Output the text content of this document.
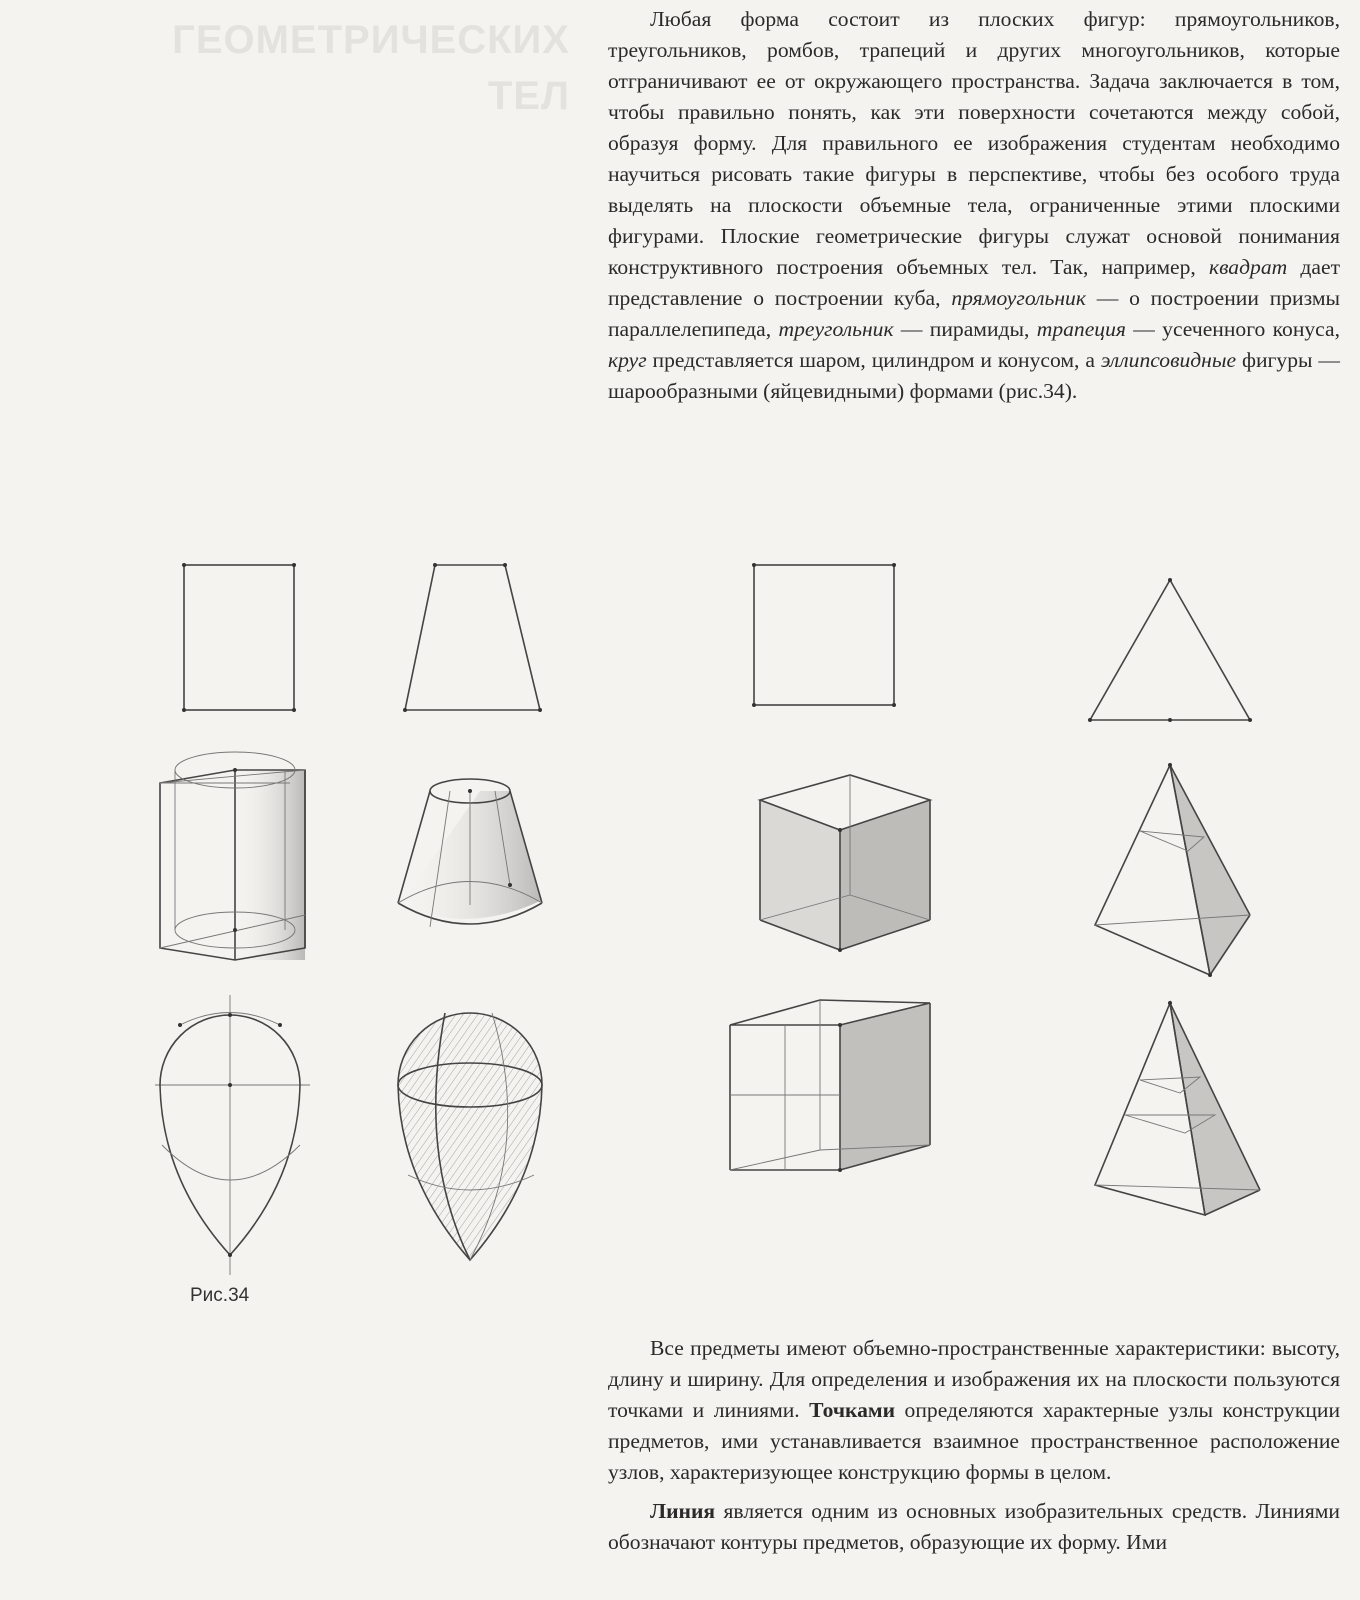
ГЕОМЕТРИЧЕСКИХ
ТЕЛ

Любая форма состоит из плоских фигур: прямоугольников, треугольников, ромбов, трапеций и других многоугольников, которые отграничивают ее от окружающего пространства. Задача заключается в том, чтобы правильно понять, как эти поверхности сочетаются между собой, образуя форму. Для правильного ее изображения студентам необходимо научиться рисовать такие фигуры в перспективе, чтобы без особого труда выделять на плоскости объемные тела, ограниченные этими плоскими фигурами. Плоские геометрические фигуры служат основой понимания конструктивного построения объемных тел. Так, например, квадрат дает представление о построении куба, прямоугольник — о построении призмы параллелепипеда, треугольник — пирамиды, трапеция — усеченного конуса, круг представляется шаром, цилиндром и конусом, а эллипсовидные фигуры — шарообразными (яйцевидными) формами (рис.34).

Рис.34

Все предметы имеют объемно-пространственные характеристики: высоту, длину и ширину. Для определения и изображения их на плоскости пользуются точками и линиями. Точками определяются характерные узлы конструкции предметов, ими устанавливается взаимное пространственное расположение узлов, характеризующее конструкцию формы в целом.

Линия является одним из основных изобразительных средств. Линиями обозначают контуры предметов, образующие их форму. Ими
